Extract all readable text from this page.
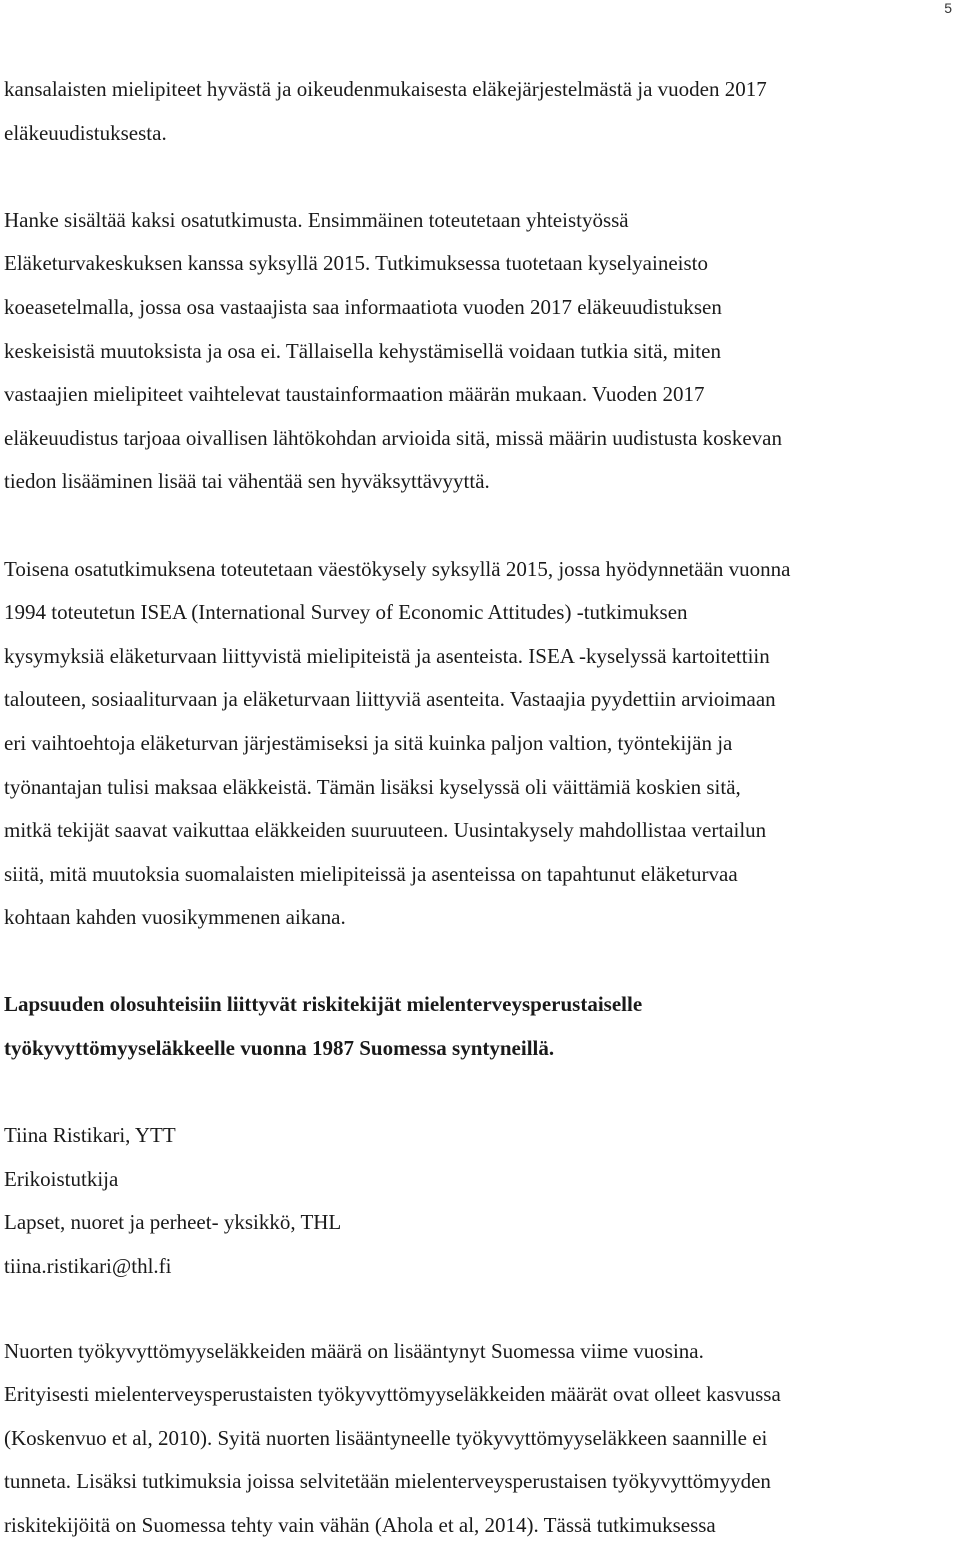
5
kansalaisten mielipiteet hyvästä ja oikeudenmukaisesta eläkejärjestelmästä ja vuoden 2017
eläkeuudistuksesta.
Hanke sisältää kaksi osatutkimusta. Ensimmäinen toteutetaan yhteistyössä
Eläketurvakeskuksen kanssa syksyllä 2015. Tutkimuksessa tuotetaan kyselyaineisto
koeasetelmalla, jossa osa vastaajista saa informaatiota vuoden 2017 eläkeuudistuksen
keskeisistä muutoksista ja osa ei. Tällaisella kehystämisellä voidaan tutkia sitä, miten
vastaajien mielipiteet vaihtelevat taustainformaation määrän mukaan. Vuoden 2017
eläkeuudistus tarjoaa oivallisen lähtökohdan arvioida sitä, missä määrin uudistusta koskevan
tiedon lisääminen lisää tai vähentää sen hyväksyttävyyttä.
Toisena osatutkimuksena toteutetaan väestökysely syksyllä 2015, jossa hyödynnetään vuonna
1994 toteutetun ISEA (International Survey of Economic Attitudes) -tutkimuksen
kysymyksiä eläketurvaan liittyvistä mielipiteistä ja asenteista. ISEA -kyselyssä kartoitettiin
talouteen, sosiaaliturvaan ja eläketurvaan liittyviä asenteita. Vastaajia pyydettiin arvioimaan
eri vaihtoehtoja eläketurvan järjestämiseksi ja sitä kuinka paljon valtion, työntekijän ja
työnantajan tulisi maksaa eläkkeistä. Tämän lisäksi kyselyssä oli väittämiä koskien sitä,
mitkä tekijät saavat vaikuttaa eläkkeiden suuruuteen. Uusintakysely mahdollistaa vertailun
siitä, mitä muutoksia suomalaisten mielipiteissä ja asenteissa on tapahtunut eläketurvaa
kohtaan kahden vuosikymmenen aikana.
Lapsuuden olosuhteisiin liittyvät riskitekijät mielenterveysperustaiselle
työkyvyttömyyseläkkeelle vuonna 1987 Suomessa syntyneillä.
Tiina Ristikari, YTT
Erikoistutkija
Lapset, nuoret ja perheet- yksikkö, THL
tiina.ristikari@thl.fi
Nuorten työkyvyttömyyseläkkeiden määrä on lisääntynyt Suomessa viime vuosina.
Erityisesti mielenterveysperustaisten työkyvyttömyyseläkkeiden määrät ovat olleet kasvussa
(Koskenvuo et al, 2010). Syitä nuorten lisääntyneelle työkyvyttömyyseläkkeen saannille ei
tunneta. Lisäksi tutkimuksia joissa selvitetään mielenterveysperustaisen työkyvyttömyyden
riskitekijöitä on Suomessa tehty vain vähän (Ahola et al, 2014). Tässä tutkimuksessa
